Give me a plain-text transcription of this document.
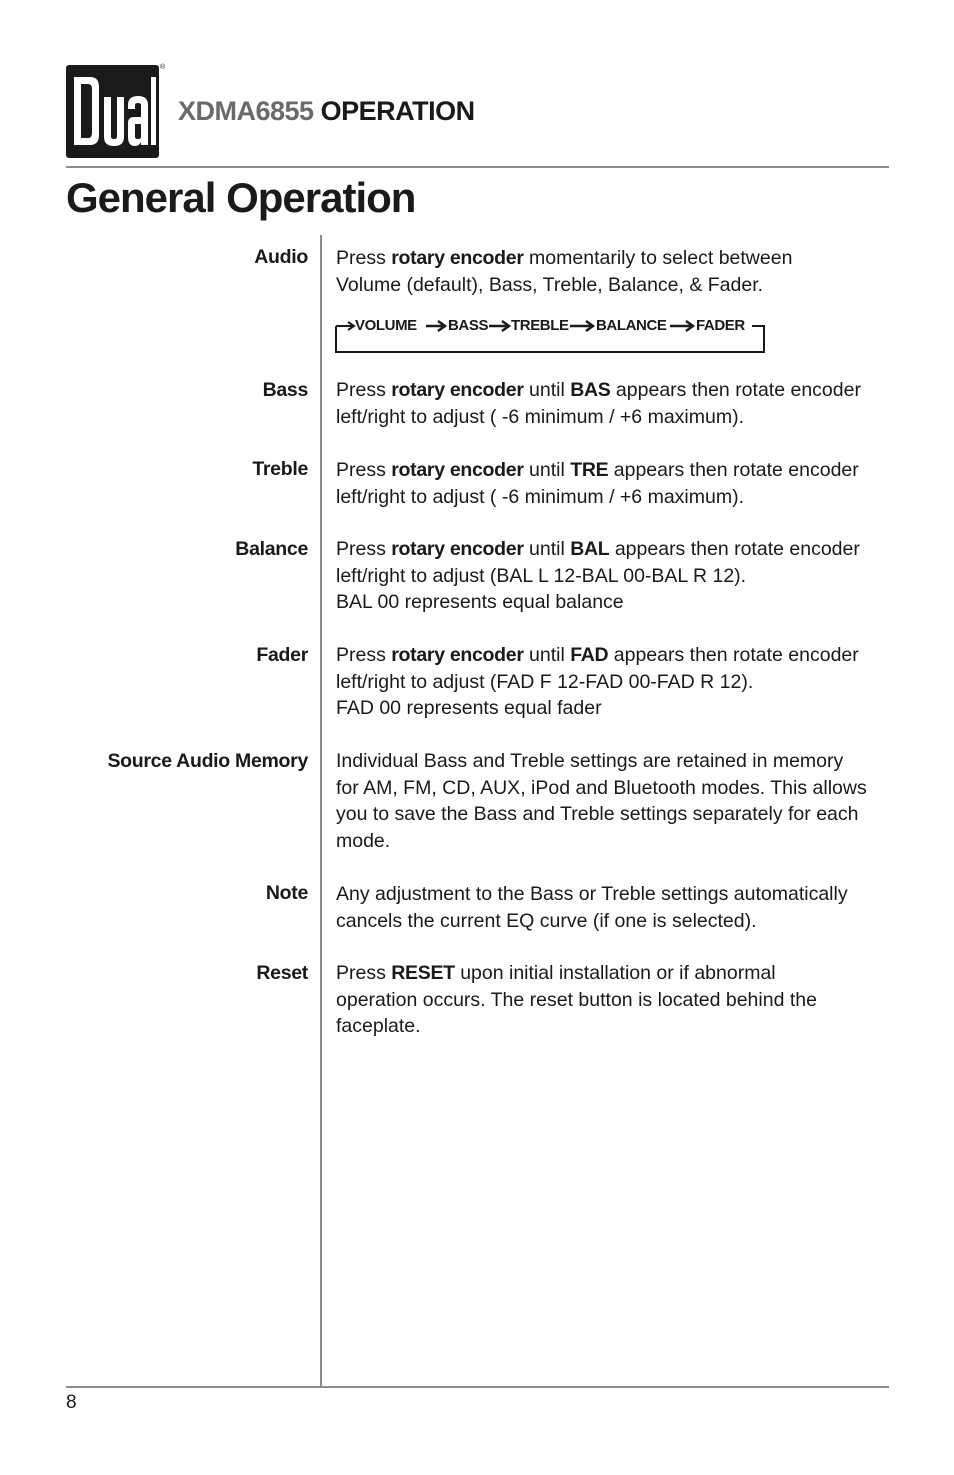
®
XDMA6855 OPERATION
General Operation
Audio Press rotary encoder momentarily to select between
Volume (default), Bass, Treble, Balance, & Fader.
VOLUME BASS TREBLE BALANCE FADER
Bass Press rotary encoder until BAS appears then rotate encoder
left/right to adjust ( -6 minimum / +6 maximum).
Treble Press rotary encoder until TRE appears then rotate encoder
left/right to adjust ( -6 minimum / +6 maximum).
Balance Press rotary encoder until BAL appears then rotate encoder
left/right to adjust (BAL L 12-BAL 00-BAL R 12).
BAL 00 represents equal balance
Fader Press rotary encoder until FAD appears then rotate encoder
left/right to adjust (FAD F 12-FAD 00-FAD R 12).
FAD 00 represents equal fader
Source Audio Memory Individual Bass and Treble settings are retained in memory
for AM, FM, CD, AUX, iPod and Bluetooth modes. This allows
you to save the Bass and Treble settings separately for each
mode.
Note Any adjustment to the Bass or Treble settings automatically
cancels the current EQ curve (if one is selected).
Reset Press RESET upon initial installation or if abnormal
operation occurs. The reset button is located behind the
faceplate.
8
